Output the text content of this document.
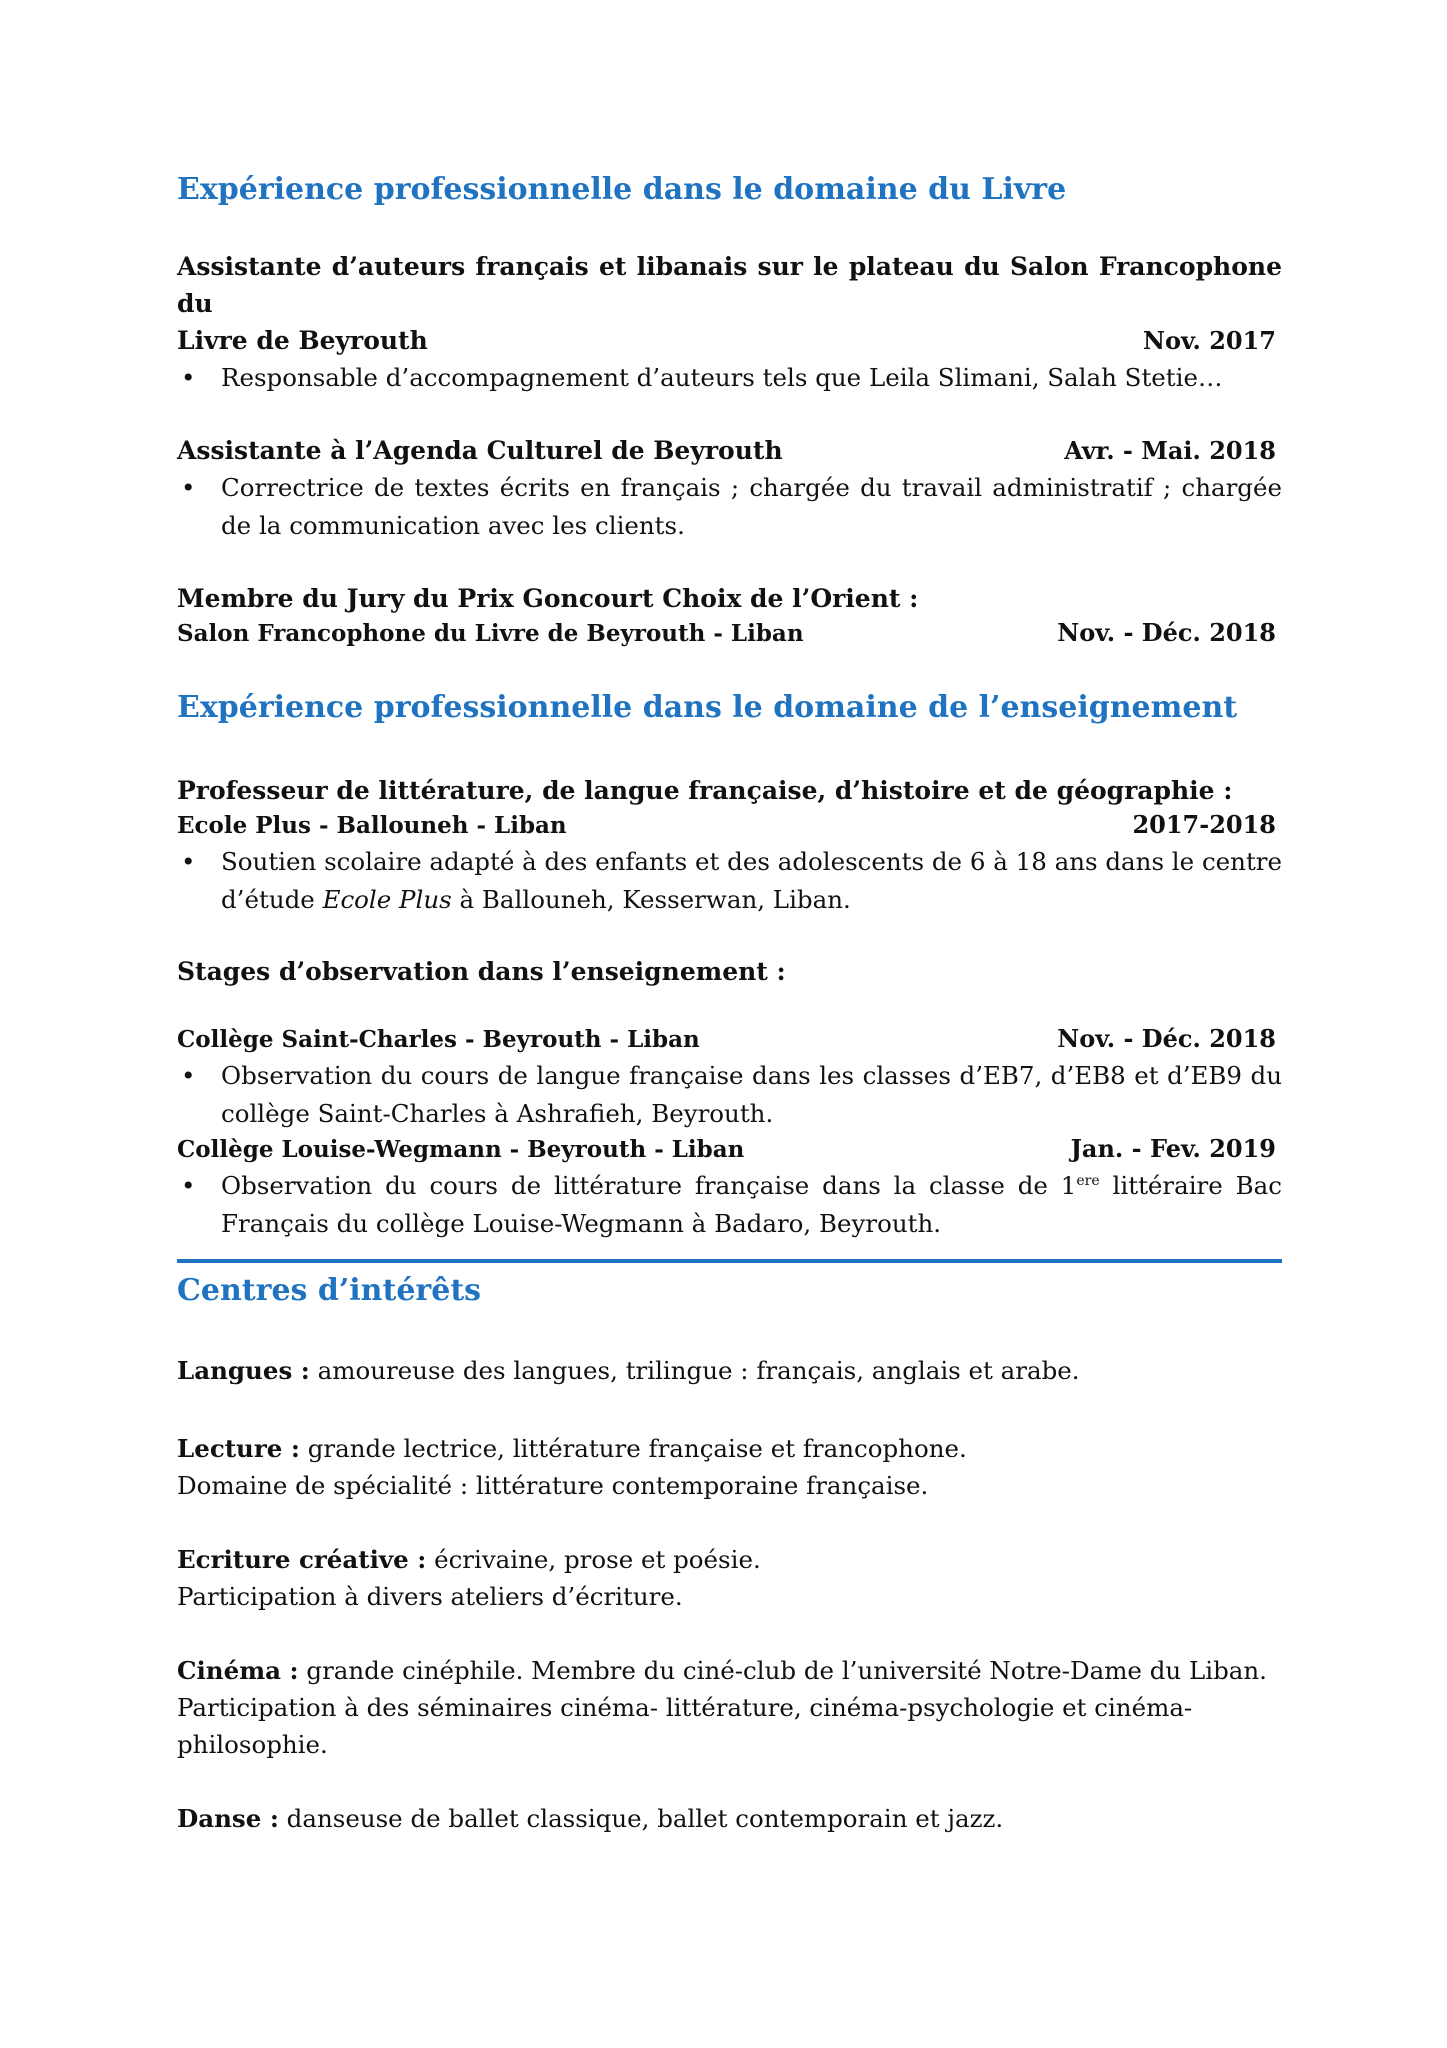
Expérience professionnelle dans le domaine du Livre
Assistante d’auteurs français et libanais sur le plateau du Salon Francophone du
Livre de Beyrouth	Nov. 2017
•	Responsable d’accompagnement d’auteurs tels que Leila Slimani, Salah Stetie…
Assistante à l’Agenda Culturel de Beyrouth	Avr. - Mai. 2018
•	Correctrice de textes écrits en français ; chargée du travail administratif ; chargée de la communication avec les clients.
Membre du Jury du Prix Goncourt Choix de l’Orient :
Salon Francophone du Livre de Beyrouth - Liban	Nov. - Déc. 2018
Expérience professionnelle dans le domaine de l’enseignement
Professeur de littérature, de langue française, d’histoire et de géographie :
Ecole Plus - Ballouneh - Liban	2017-2018
•	Soutien scolaire adapté à des enfants et des adolescents de 6 à 18 ans dans le centre d’étude Ecole Plus à Ballouneh, Kesserwan, Liban.
Stages d’observation dans l’enseignement :
Collège Saint-Charles - Beyrouth - Liban	Nov. - Déc. 2018
•	Observation du cours de langue française dans les classes d’EB7, d’EB8 et d’EB9 du collège Saint-Charles à Ashrafieh, Beyrouth.
Collège Louise-Wegmann - Beyrouth - Liban	Jan. - Fev. 2019
•	Observation du cours de littérature française dans la classe de 1ere littéraire Bac Français du collège Louise-Wegmann à Badaro, Beyrouth.
Centres d’intérêts

Langues : amoureuse des langues, trilingue : français, anglais et arabe.

Lecture : grande lectrice, littérature française et francophone.

Domaine de spécialité : littérature contemporaine française.

Ecriture créative : écrivaine, prose et poésie.

Participation à divers ateliers d’écriture.

Cinéma : grande cinéphile. Membre du ciné-club de l’université Notre-Dame du Liban.

Participation à des séminaires cinéma- littérature, cinéma-psychologie et cinéma-

philosophie.

Danse : danseuse de ballet classique, ballet contemporain et jazz.
